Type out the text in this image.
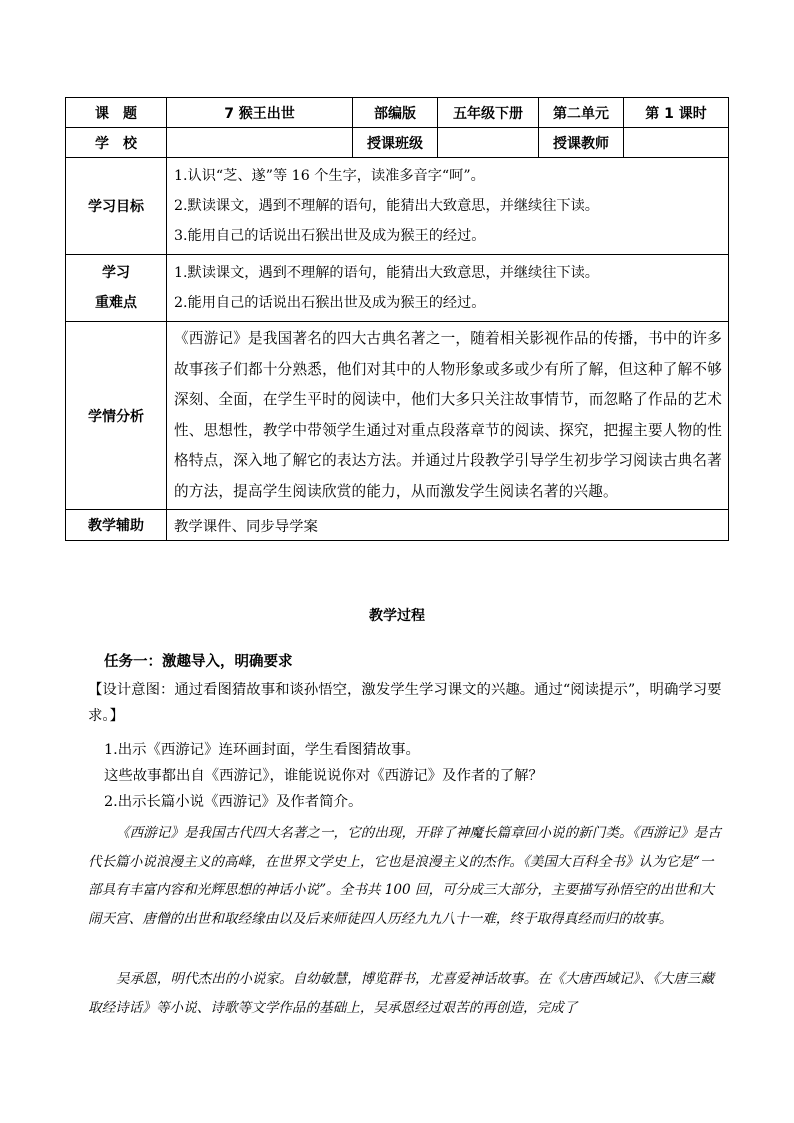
课　题	7 猴王出世	部编版	五年级下册	第二单元	第 1 课时
学　校		授课班级		授课教师	
学习目标	1.认识“芝、遂”等 16 个生字，读准多音字“呵”。
2.默读课文，遇到不理解的语句，能猜出大致意思，并继续往下读。
3.能用自己的话说出石猴出世及成为猴王的经过。				

学习
重难点	1.默读课文，遇到不理解的语句，能猜出大致意思，并继续往下读。
2.能用自己的话说出石猴出世及成为猴王的经过。				

学情分析	《西游记》是我国著名的四大古典名著之一，随着相关影视作品的传播，书中的许多故事孩子们都十分熟悉，他们对其中的人物形象或多或少有所了解，但这种了解不够深刻、全面，在学生平时的阅读中，他们大多只关注故事情节，而忽略了作品的艺术性、思想性，教学中带领学生通过对重点段落章节的阅读、探究，把握主要人物的性格特点，深入地了解它的表达方法。并通过片段教学引导学生初步学习阅读古典名著的方法，提高学生阅读欣赏的能力，从而激发学生阅读名著的兴趣。				
教学辅助	教学课件、同步导学案				
教学过程
任务一：激趣导入，明确要求
【设计意图：通过看图猜故事和谈孙悟空，激发学生学习课文的兴趣。通过“阅读提示”，明确学习要求。】
1.出示《西游记》连环画封面，学生看图猜故事。
这些故事都出自《西游记》，谁能说说你对《西游记》及作者的了解？
2.出示长篇小说《西游记》及作者简介。
《西游记》是我国古代四大名著之一，它的出现，开辟了神魔长篇章回小说的新门类。《西游记》是古代长篇小说浪漫主义的高峰，在世界文学史上，它也是浪漫主义的杰作。《美国大百科全书》认为它是“一部具有丰富内容和光辉思想的神话小说”。全书共 100 回，可分成三大部分，主要描写孙悟空的出世和大闹天宫、唐僧的出世和取经缘由以及后来师徒四人历经九九八十一难，终于取得真经而归的故事。
吴承恩，明代杰出的小说家。自幼敏慧，博览群书，尤喜爱神话故事。在《大唐西域记》、《大唐三藏取经诗话》等小说、诗歌等文学作品的基础上，吴承恩经过艰苦的再创造，完成了
